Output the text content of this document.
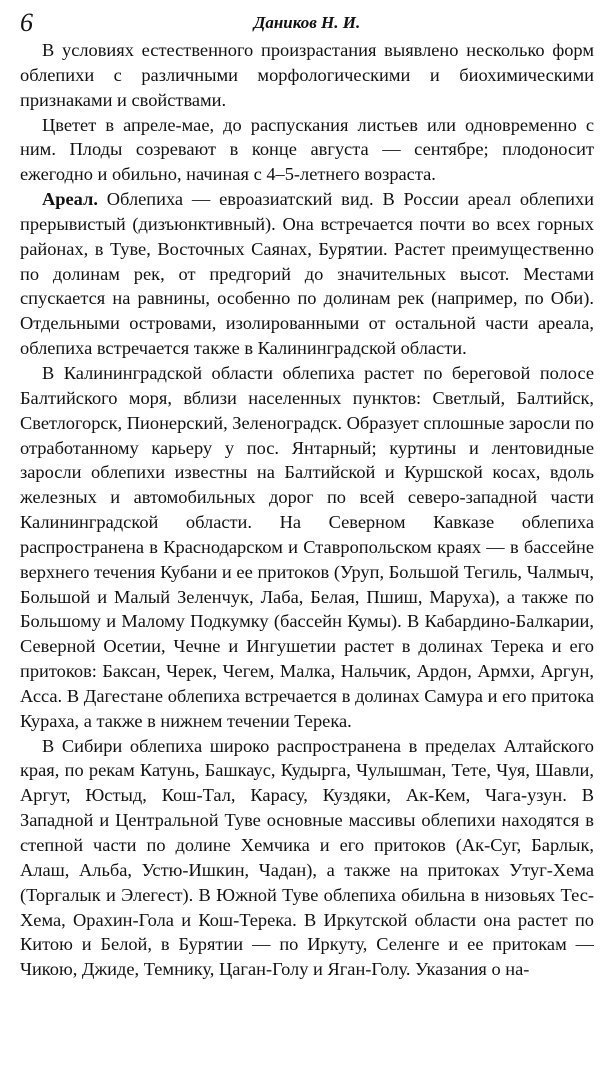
6	Даников Н. И.

В условиях естественного произрастания выявлено несколько форм облепихи с различными морфологическими и биохимическими признаками и свойствами.

Цветет в апреле-мае, до распускания листьев или одновременно с ним. Плоды созревают в конце августа — сентябре; плодоносит ежегодно и обильно, начиная с 4–5-летнего возраста.

Ареал. Облепиха — евроазиатский вид. В России ареал облепихи прерывистый (дизъюнктивный). Она встречается почти во всех горных районах, в Туве, Восточных Саянах, Бурятии. Растет преимущественно по долинам рек, от предгорий до значительных высот. Местами спускается на равнины, особенно по долинам рек (например, по Оби). Отдельными островами, изолированными от остальной части ареала, облепиха встречается также в Калининградской области.

В Калининградской области облепиха растет по береговой полосе Балтийского моря, вблизи населенных пунктов: Светлый, Балтийск, Светлогорск, Пионерский, Зеленоградск. Образует сплошные заросли по отработанному карьеру у пос. Янтарный; куртины и лентовидные заросли облепихи известны на Балтийской и Куршской косах, вдоль железных и автомобильных дорог по всей северо-западной части Калининградской области. На Северном Кавказе облепиха распространена в Краснодарском и Ставропольском краях — в бассейне верхнего течения Кубани и ее притоков (Уруп, Большой Тегиль, Чалмыч, Большой и Малый Зеленчук, Лаба, Белая, Пшиш, Маруха), а также по Большому и Малому Подкумку (бассейн Кумы). В Кабардино-Балкарии, Северной Осетии, Чечне и Ингушетии растет в долинах Терека и его притоков: Баксан, Черек, Чегем, Малка, Нальчик, Ардон, Армхи, Аргун, Асса. В Дагестане облепиха встречается в долинах Самура и его притока Кураха, а также в нижнем течении Терека.

В Сибири облепиха широко распространена в пределах Алтайского края, по рекам Катунь, Башкаус, Кудырга, Чулышман, Тете, Чуя, Шавли, Аргут, Юстыд, Кош-Тал, Карасу, Куздяки, Ак-Кем, Чага-узун. В Западной и Центральной Туве основные массивы облепихи находятся в степной части по долине Хемчика и его притоков (Ак-Суг, Барлык, Алаш, Альба, Устю-Ишкин, Чадан), а также на притоках Утуг-Хема (Торгалык и Элегест). В Южной Туве облепиха обильна в низовьях Тес-Хема, Орахин-Гола и Кош-Терека. В Иркутской области она растет по Китою и Белой, в Бурятии — по Иркуту, Селенге и ее притокам — Чикою, Джиде, Темнику, Цаган-Голу и Яган-Голу. Указания о на-
